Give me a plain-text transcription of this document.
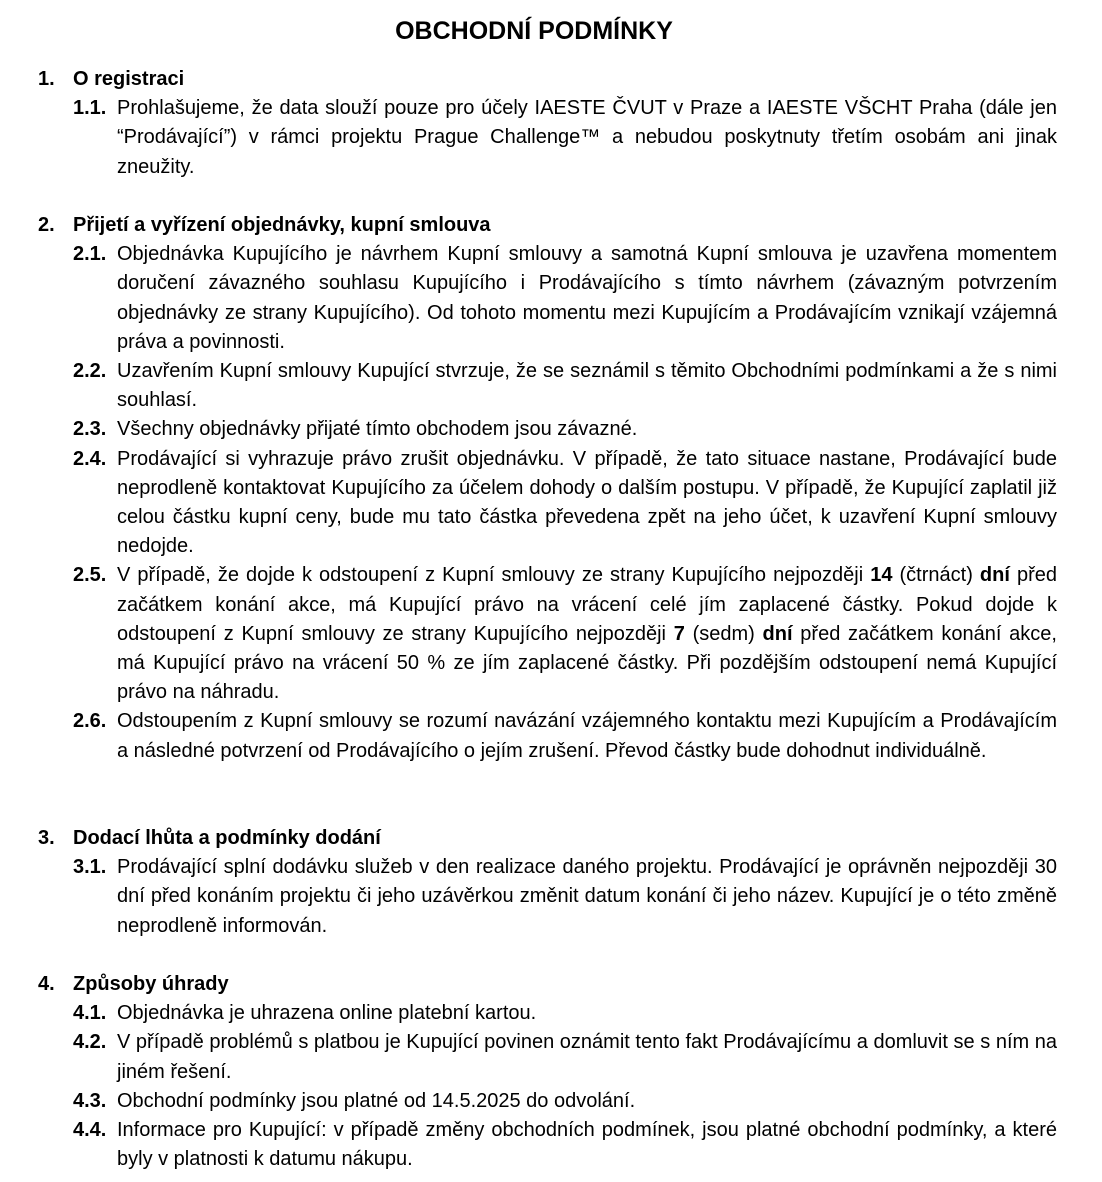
OBCHODNÍ PODMÍNKY
1. O registraci
1.1. Prohlašujeme, že data slouží pouze pro účely IAESTE ČVUT v Praze a IAESTE VŠCHT Praha (dále jen “Prodávající”) v rámci projektu Prague Challenge™ a nebudou poskytnuty třetím osobám ani jinak zneužity.
2. Přijetí a vyřízení objednávky, kupní smlouva
2.1. Objednávka Kupujícího je návrhem Kupní smlouvy a samotná Kupní smlouva je uzavřena momentem doručení závazného souhlasu Kupujícího i Prodávajícího s tímto návrhem (závazným potvrzením objednávky ze strany Kupujícího). Od tohoto momentu mezi Kupujícím a Prodávajícím vznikají vzájemná práva a povinnosti.
2.2. Uzavřením Kupní smlouvy Kupující stvrzuje, že se seznámil s těmito Obchodními podmínkami a že s nimi souhlasí.
2.3. Všechny objednávky přijaté tímto obchodem jsou závazné.
2.4. Prodávající si vyhrazuje právo zrušit objednávku. V případě, že tato situace nastane, Prodávající bude neprodleně kontaktovat Kupujícího za účelem dohody o dalším postupu. V případě, že Kupující zaplatil již celou částku kupní ceny, bude mu tato částka převedena zpět na jeho účet, k uzavření Kupní smlouvy nedojde.
2.5. V případě, že dojde k odstoupení z Kupní smlouvy ze strany Kupujícího nejpozději 14 (čtrnáct) dní před začátkem konání akce, má Kupující právo na vrácení celé jím zaplacené částky. Pokud dojde k odstoupení z Kupní smlouvy ze strany Kupujícího nejpozději 7 (sedm) dní před začátkem konání akce, má Kupující právo na vrácení 50 % ze jím zaplacené částky. Při pozdějším odstoupení nemá Kupující právo na náhradu.
2.6. Odstoupením z Kupní smlouvy se rozumí navázání vzájemného kontaktu mezi Kupujícím a Prodávajícím a následné potvrzení od Prodávajícího o jejím zrušení. Převod částky bude dohodnut individuálně.
3. Dodací lhůta a podmínky dodání
3.1. Prodávající splní dodávku služeb v den realizace daného projektu. Prodávající je oprávněn nejpozději 30 dní před konáním projektu či jeho uzávěrkou změnit datum konání či jeho název. Kupující je o této změně neprodleně informován.
4. Způsoby úhrady
4.1. Objednávka je uhrazena online platební kartou.
4.2. V případě problémů s platbou je Kupující povinen oznámit tento fakt Prodávajícímu a domluvit se s ním na jiném řešení.
4.3. Obchodní podmínky jsou platné od 14.5.2025 do odvolání.
4.4. Informace pro Kupující: v případě změny obchodních podmínek, jsou platné obchodní podmínky, a které byly v platnosti k datumu nákupu.
